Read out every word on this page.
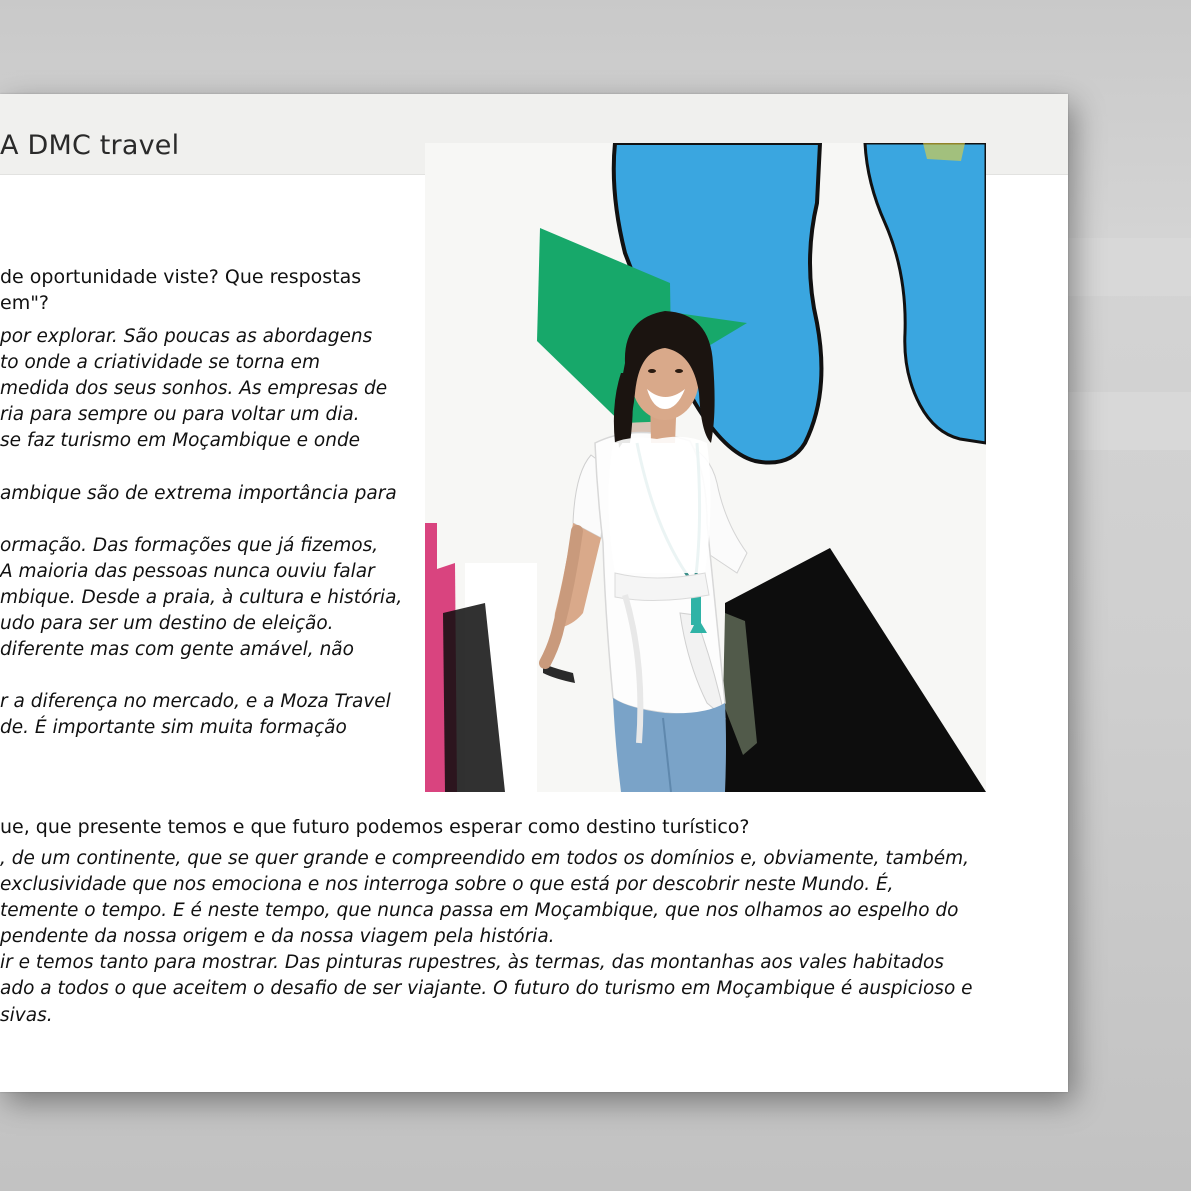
A DMC travel

de oportunidade viste? Que respostas
em"?

por explorar. São poucas as abordagens
to onde a criatividade se torna em
medida dos seus sonhos. As empresas de
ria para sempre ou para voltar um dia.
se faz turismo em Moçambique e onde

ambique são de extrema importância para

ormação. Das formações que já fizemos,
A maioria das pessoas nunca ouviu falar
mbique. Desde a praia, à cultura e história,
udo para ser um destino de eleição.
diferente mas com gente amável, não

r a diferença no mercado, e a Moza Travel
de. É importante sim muita formação

ue, que presente temos e que futuro podemos esperar como destino turístico?

, de um continente, que se quer grande e compreendido em todos os domínios e, obviamente, também,
exclusividade que nos emociona e nos interroga sobre o que está por descobrir neste Mundo. É,
temente o tempo. E é neste tempo, que nunca passa em Moçambique, que nos olhamos ao espelho do
pendente da nossa origem e da nossa viagem pela história.
ir e temos tanto para mostrar. Das pinturas rupestres, às termas, das montanhas aos vales habitados
ado a todos o que aceitem o desafio de ser viajante. O futuro do turismo em Moçambique é auspicioso e
sivas.
